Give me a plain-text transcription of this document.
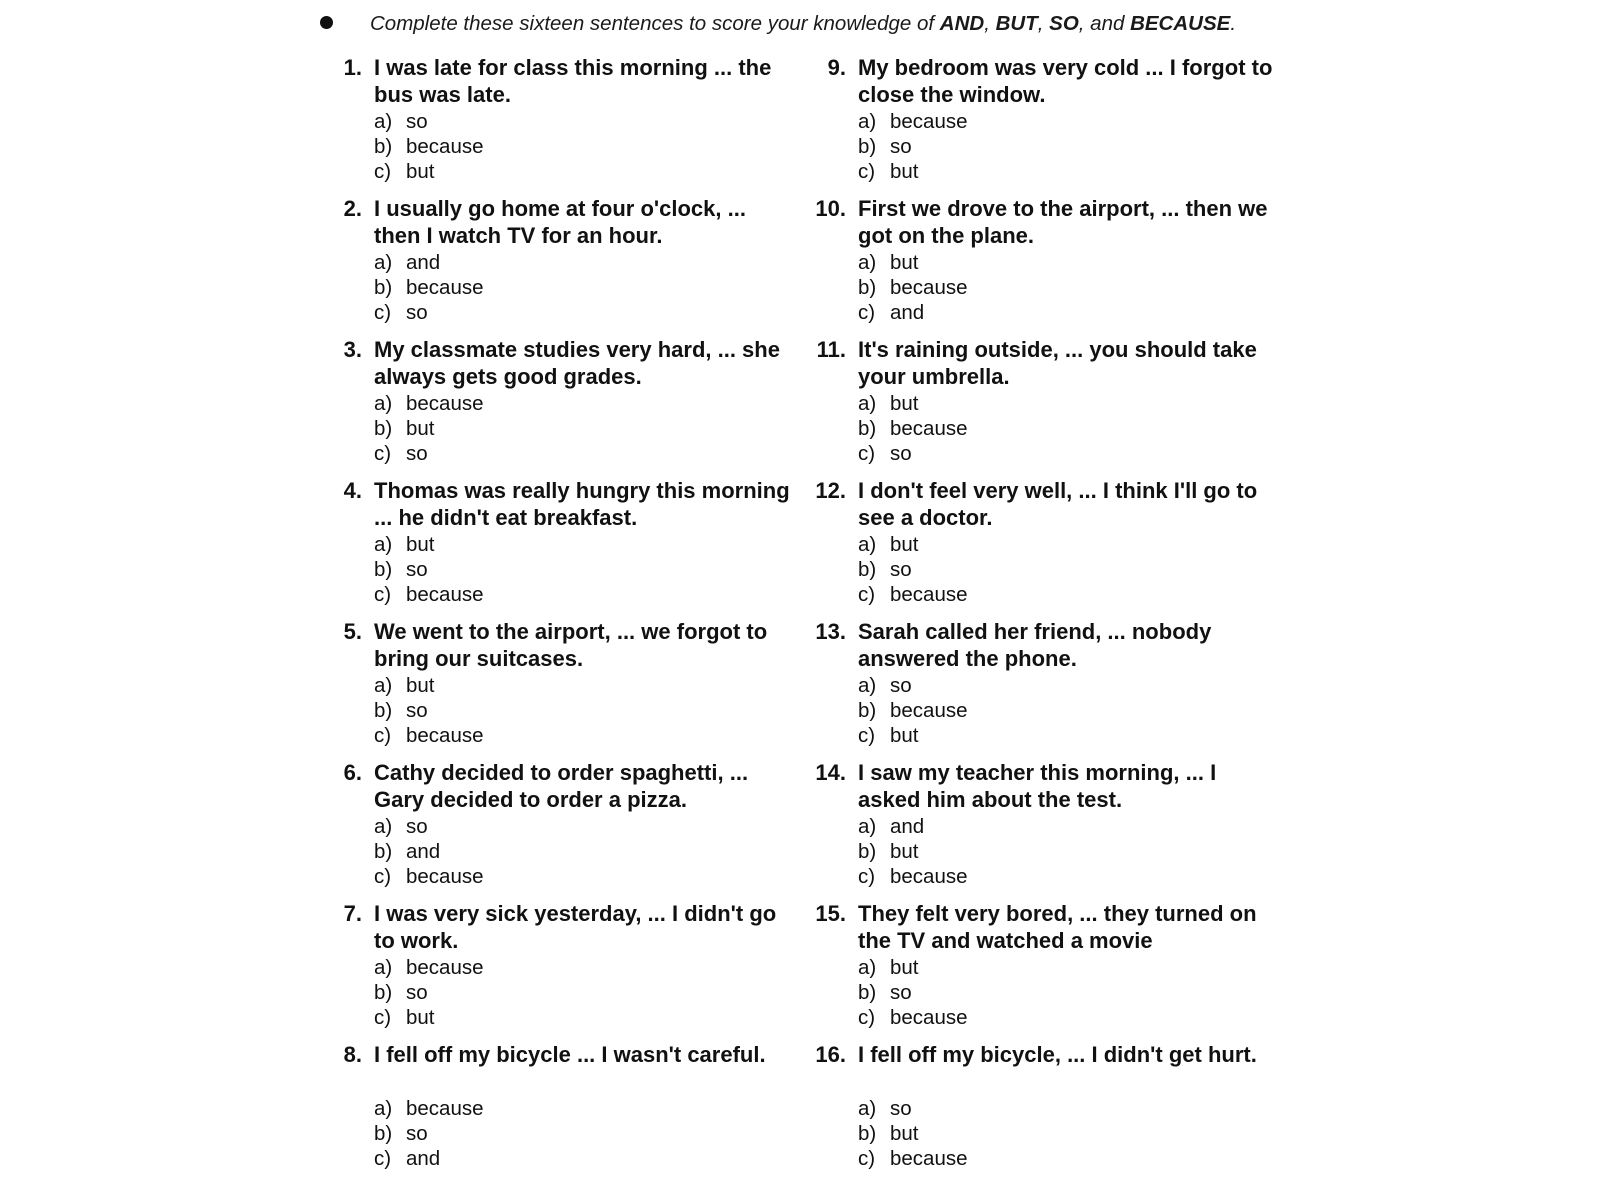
Complete these sixteen sentences to score your knowledge of AND, BUT, SO, and BECAUSE.
1. I was late for class this morning ... the bus was late.
a) so
b) because
c) but
2. I usually go home at four o'clock, ... then I watch TV for an hour.
a) and
b) because
c) so
3. My classmate studies very hard, ... she always gets good grades.
a) because
b) but
c) so
4. Thomas was really hungry this morning ... he didn't eat breakfast.
a) but
b) so
c) because
5. We went to the airport, ... we forgot to bring our suitcases.
a) but
b) so
c) because
6. Cathy decided to order spaghetti, ... Gary decided to order a pizza.
a) so
b) and
c) because
7. I was very sick yesterday, ... I didn't go to work.
a) because
b) so
c) but
8. I fell off my bicycle ... I wasn't careful.
a) because
b) so
c) and
9. My bedroom was very cold ... I forgot to close the window.
a) because
b) so
c) but
10. First we drove to the airport, ... then we got on the plane.
a) but
b) because
c) and
11. It's raining outside, ... you should take your umbrella.
a) but
b) because
c) so
12. I don't feel very well, ... I think I'll go to see a doctor.
a) but
b) so
c) because
13. Sarah called her friend, ... nobody answered the phone.
a) so
b) because
c) but
14. I saw my teacher this morning, ... I asked him about the test.
a) and
b) but
c) because
15. They felt very bored, ... they turned on the TV and watched a movie
a) but
b) so
c) because
16. I fell off my bicycle, ... I didn't get hurt.
a) so
b) but
c) because
